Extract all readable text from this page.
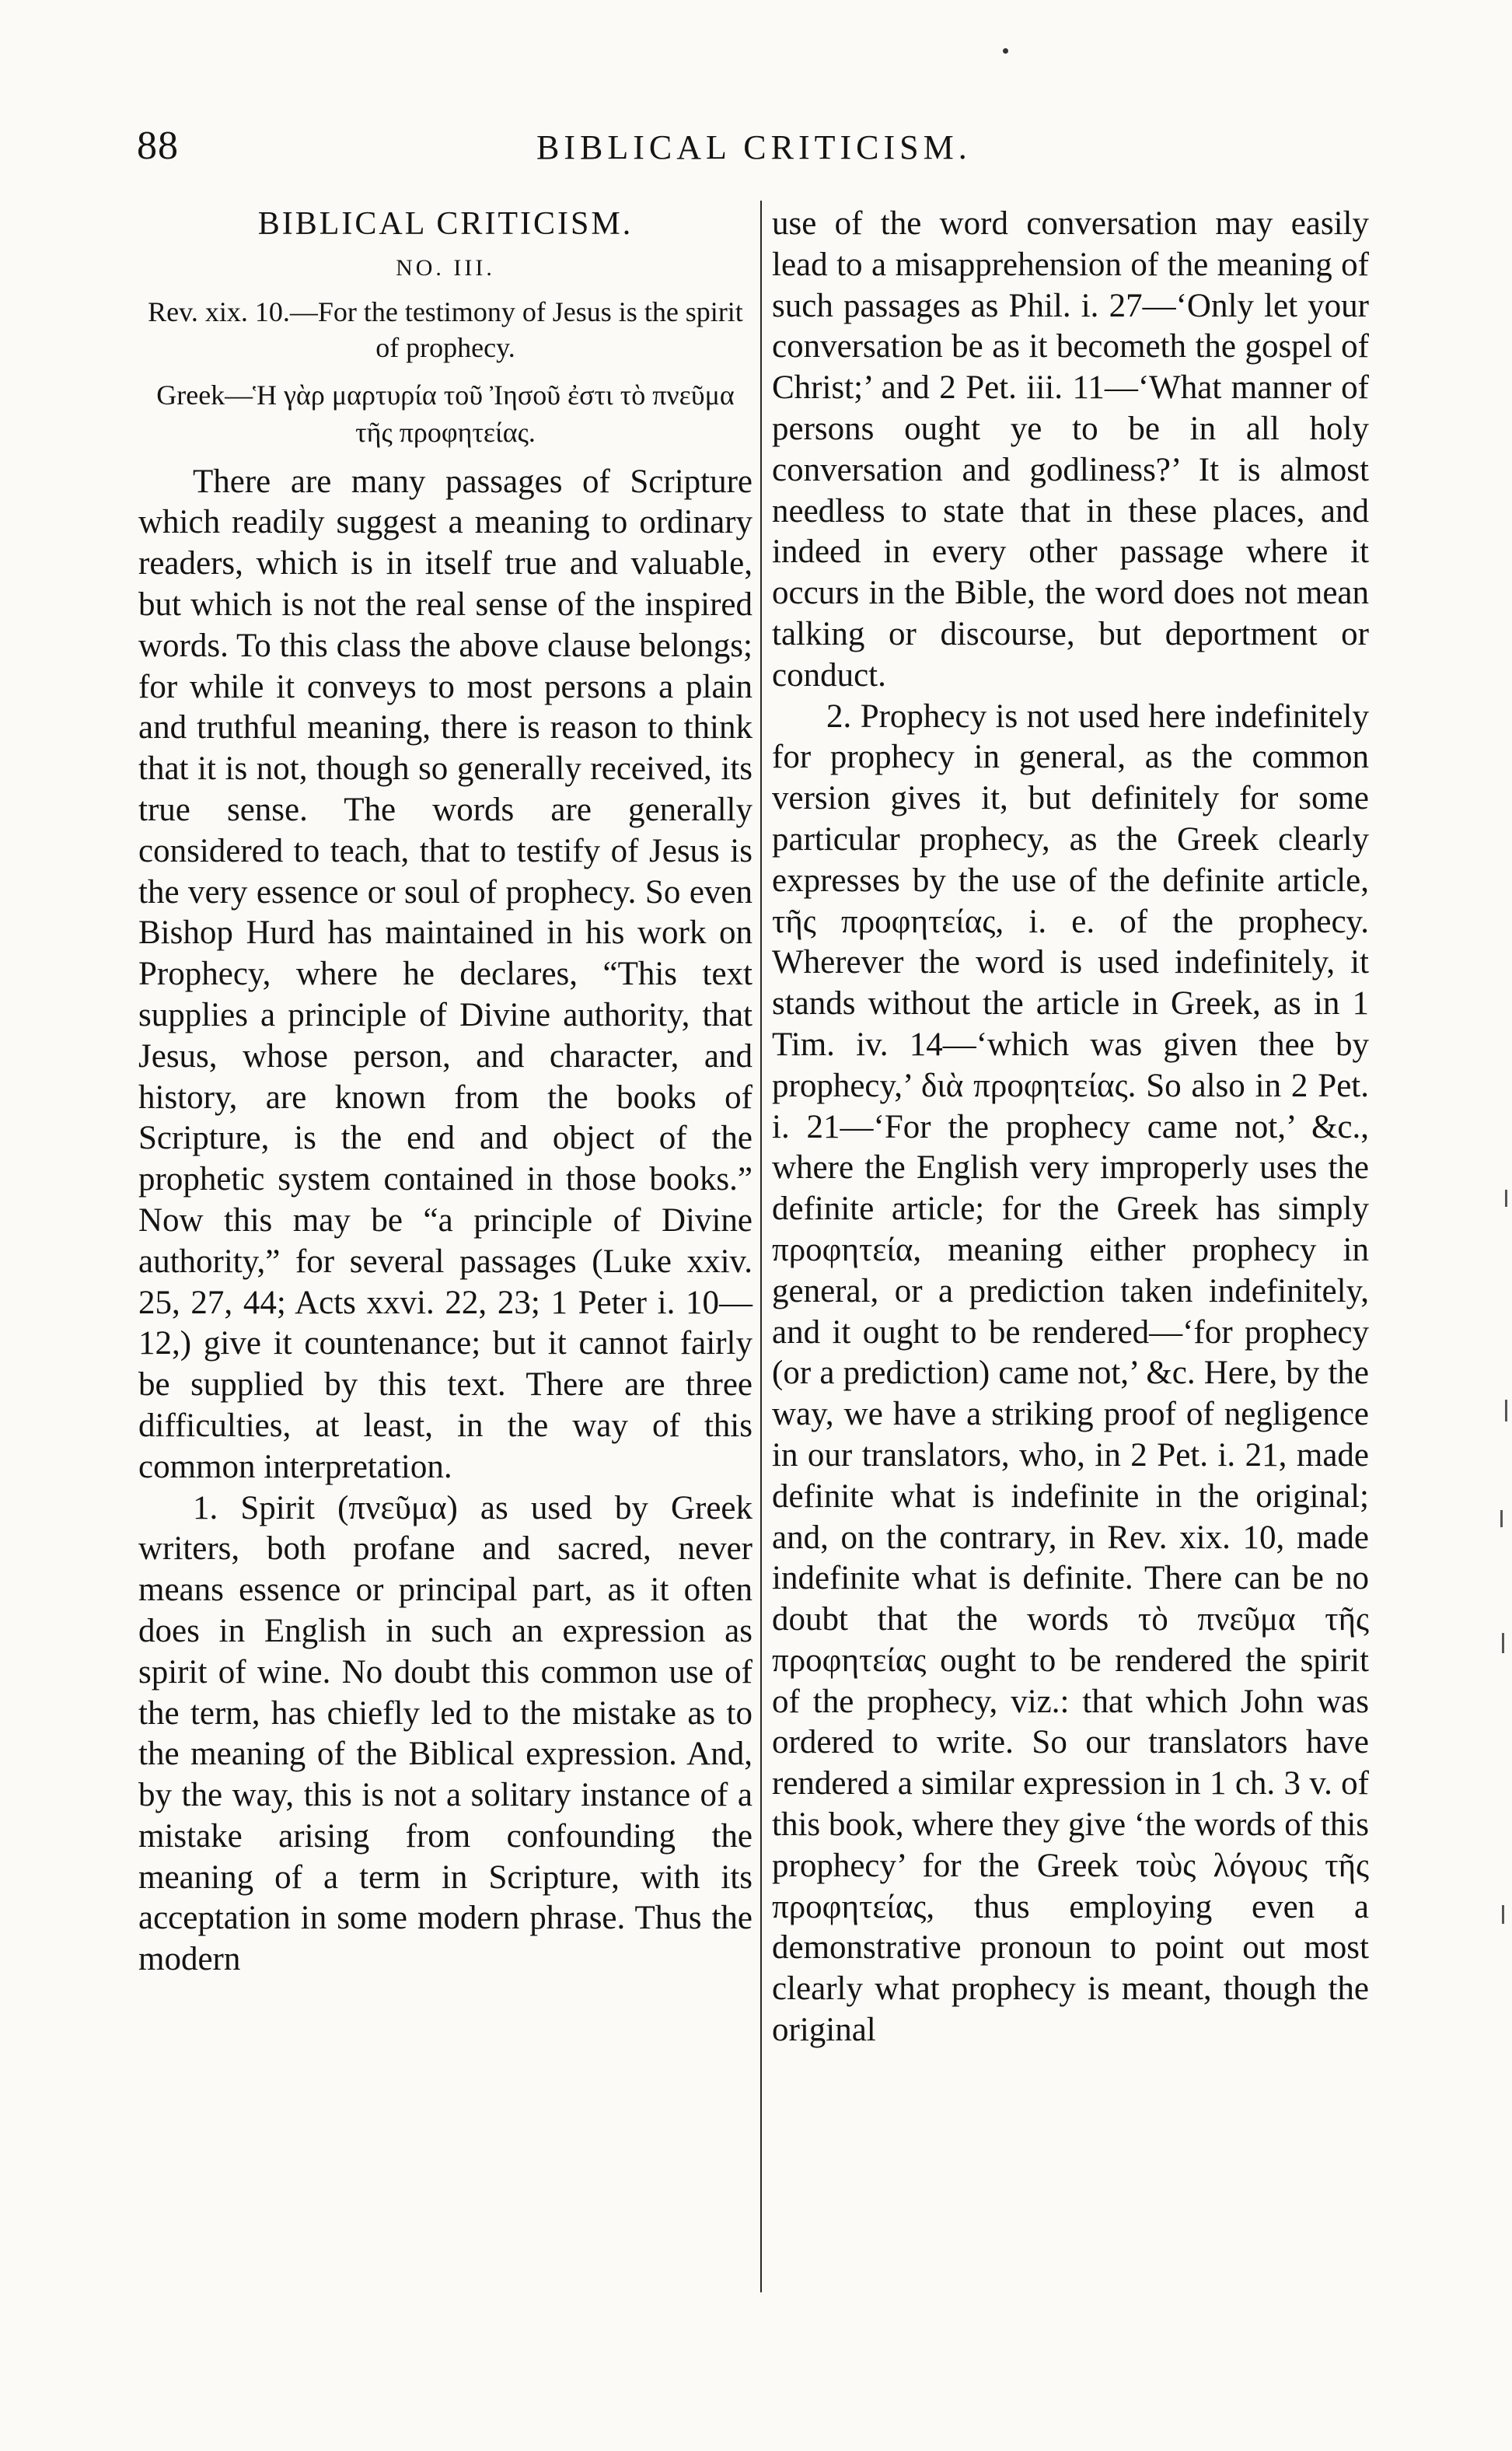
88	BIBLICAL CRITICISM.
BIBLICAL CRITICISM.
NO. III.
Rev. xix. 10.—For the testimony of Jesus is the spirit of prophecy.
Greek—Ἡ γὰρ μαρτυρία τοῦ Ἰησοῦ ἐστι τὸ πνεῦμα τῆς προφητείας.

There are many passages of Scripture which readily suggest a meaning to ordinary readers, which is in itself true and valuable, but which is not the real sense of the inspired words. To this class the above clause belongs; for while it conveys to most persons a plain and truthful meaning, there is reason to think that it is not, though so generally received, its true sense. The words are generally considered to teach, that to testify of Jesus is the very essence or soul of prophecy. So even Bishop Hurd has maintained in his work on Prophecy, where he declares, “This text supplies a principle of Divine authority, that Jesus, whose person, and character, and history, are known from the books of Scripture, is the end and object of the prophetic system contained in those books.” Now this may be “a principle of Divine authority,” for several passages (Luke xxiv. 25, 27, 44; Acts xxvi. 22, 23; 1 Peter i. 10—12,) give it countenance; but it cannot fairly be supplied by this text. There are three difficulties, at least, in the way of this common interpretation.

1. Spirit (πνεῦμα) as used by Greek writers, both profane and sacred, never means essence or principal part, as it often does in English in such an expression as spirit of wine. No doubt this common use of the term, has chiefly led to the mistake as to the meaning of the Biblical expression. And, by the way, this is not a solitary instance of a mistake arising from confounding the meaning of a term in Scripture, with its acceptation in some modern phrase. Thus the modern

use of the word conversation may easily lead to a misapprehension of the meaning of such passages as Phil. i. 27—‘Only let your conversation be as it becometh the gospel of Christ;’ and 2 Pet. iii. 11—‘What manner of persons ought ye to be in all holy conversation and godliness?’ It is almost needless to state that in these places, and indeed in every other passage where it occurs in the Bible, the word does not mean talking or discourse, but deportment or conduct.

2. Prophecy is not used here indefinitely for prophecy in general, as the common version gives it, but definitely for some particular prophecy, as the Greek clearly expresses by the use of the definite article, τῆς προφητείας, i. e. of the prophecy. Wherever the word is used indefinitely, it stands without the article in Greek, as in 1 Tim. iv. 14—‘which was given thee by prophecy,’ διὰ προφητείας. So also in 2 Pet. i. 21—‘For the prophecy came not,’ &c., where the English very improperly uses the definite article; for the Greek has simply προφητεία, meaning either prophecy in general, or a prediction taken indefinitely, and it ought to be rendered—‘for prophecy (or a prediction) came not,’ &c. Here, by the way, we have a striking proof of negligence in our translators, who, in 2 Pet. i. 21, made definite what is indefinite in the original; and, on the contrary, in Rev. xix. 10, made indefinite what is definite. There can be no doubt that the words τὸ πνεῦμα τῆς προφητείας ought to be rendered the spirit of the prophecy, viz.: that which John was ordered to write. So our translators have rendered a similar expression in 1 ch. 3 v. of this book, where they give ‘the words of this prophecy’ for the Greek τοὺς λόγους τῆς προφητείας, thus employing even a demonstrative pronoun to point out most clearly what prophecy is meant, though the original
